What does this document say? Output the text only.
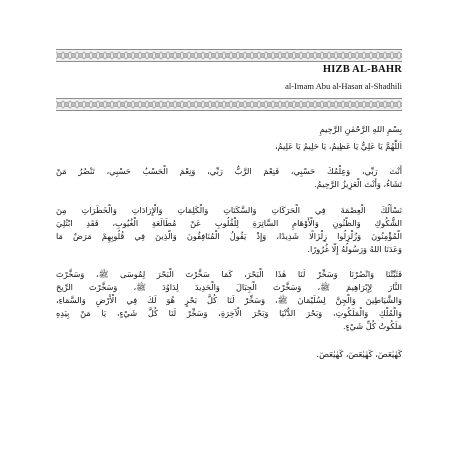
HIZB AL-BAHR
al-Imam Abu al-Hasan al-Shadhili

بِسْمِ اللهِ الرَّحْمٰنِ الرَّحِيمِ

اَللّٰهُمَّ يَا عَلِيُّ يَا عَظِيمُ، يَا حَلِيمُ يَا عَلِيمُ،

أَنْتَ رَبِّي، وَعِلْمُكَ حَسْبِي، فَنِعْمَ الرَّبُّ رَبِّي، وَنِعْمَ الْحَسْبُ حَسْبِي، تَنْصُرُ مَنْ
تَشَاءُ، وَأَنْتَ الْعَزِيزُ الرَّحِيمُ.
نَسْأَلُكَ الْعِصْمَةَ فِي الْحَرَكَاتِ وَالسَّكَنَاتِ وَالْكَلِمَاتِ وَالْإِرَادَاتِ وَالْخَطَرَاتِ مِنَ
الشُّكُوكِ وَالظُّنُونِ وَالْأَوْهَامِ السَّاتِرَةِ لِلْقُلُوبِ عَنْ مُطَالَعَةِ الْغُيُوبِ، فَقَدِ ابْتُلِيَ
الْمُؤْمِنُونَ وَزُلْزِلُوا زِلْزَالًا شَدِيدًا، وَإِذْ يَقُولُ الْمُنَافِقُونَ وَالَّذِينَ فِي قُلُوبِهِمْ مَرَضٌ مَا
وَعَدَنَا اللهُ وَرَسُولُهُ إِلَّا غُرُورًا.
فَثَبِّتْنَا وَانْصُرْنَا وَسَخِّرْ لَنَا هٰذَا الْبَحْرَ، كَمَا سَخَّرْتَ الْبَحْرَ لِمُوسَى ﷺ، وَسَخَّرْتَ
النَّارَ لِإِبْرَاهِيمَ ﷺ، وَسَخَّرْتَ الْجِبَالَ وَالْحَدِيدَ لِدَاوُدَ ﷺ، وَسَخَّرْتَ الرِّيحَ
وَالشَّيَاطِينَ وَالْجِنَّ لِسُلَيْمَانَ ﷺ، وَسَخِّرْ لَنَا كُلَّ بَحْرٍ هُوَ لَكَ فِي الْأَرْضِ وَالسَّمَاءِ،
وَالْمُلْكِ وَالْمَلَكُوتِ، وَبَحْرَ الدُّنْيَا وَبَحْرَ الْآخِرَةِ، وَسَخِّرْ لَنَا كُلَّ شَيْءٍ، يَا مَنْ بِيَدِهِ
مَلَكُوتُ كُلِّ شَيْءٍ.

كٓهٰيٰعٓصٓ، كٓهٰيٰعٓصٓ، كٓهٰيٰعٓصٓ.
